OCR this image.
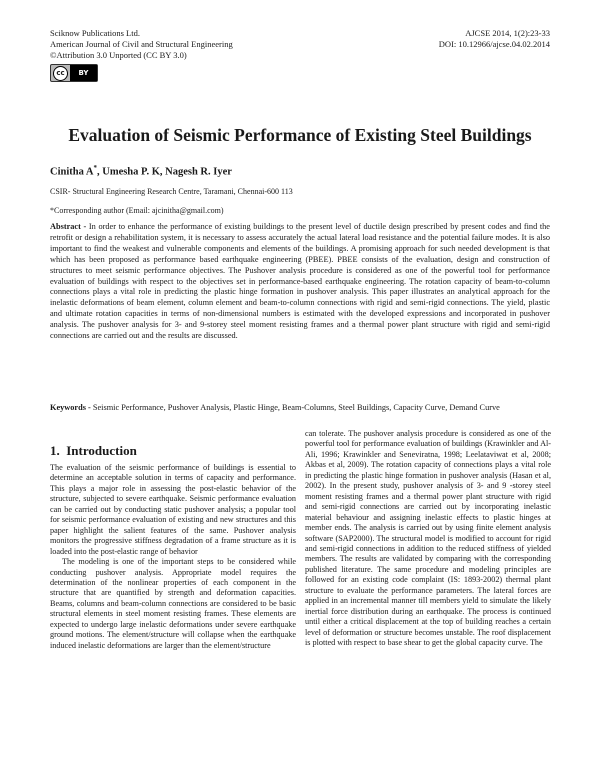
Sciknow Publications Ltd.
American Journal of Civil and Structural Engineering
©Attribution 3.0 Unported (CC BY 3.0)
AJCSE 2014, 1(2):23-33
DOI: 10.12966/ajcse.04.02.2014
cc	BY
Evaluation of Seismic Performance of Existing Steel Buildings
Cinitha A*, Umesha P. K, Nagesh R. Iyer
CSIR- Structural Engineering Research Centre, Taramani, Chennai-600 113
*Corresponding author (Email: ajcinitha@gmail.com)
Abstract - In order to enhance the performance of existing buildings to the present level of ductile design prescribed by present codes and find the retrofit or design a rehabilitation system, it is necessary to assess accurately the actual lateral load resistance and the potential failure modes. It is also important to find the weakest and vulnerable components and elements of the buildings. A promising approach for such needed development is that which has been proposed as performance based earthquake engineering (PBEE). PBEE consists of the evaluation, design and construction of structures to meet seismic performance objectives. The Pushover analysis procedure is considered as one of the powerful tool for performance evaluation of buildings with respect to the objectives set in performance-based earthquake engineering. The rotation capacity of beam-to-column connections plays a vital role in predicting the plastic hinge formation in pushover analysis. This paper illustrates an analytical approach for the inelastic deformations of beam element, column element and beam-to-column connections with rigid and semi-rigid connections. The yield, plastic and ultimate rotation capacities in terms of non-dimensional numbers is estimated with the developed expressions and incorporated in pushover analysis. The pushover analysis for 3- and 9-storey steel moment resisting frames and a thermal power plant structure with rigid and semi-rigid connections are carried out and the results are discussed.
Keywords - Seismic Performance, Pushover Analysis, Plastic Hinge, Beam-Columns, Steel Buildings, Capacity Curve, Demand Curve
1. Introduction

The evaluation of the seismic performance of buildings is essential to determine an acceptable solution in terms of capacity and performance. This plays a major role in assessing the post-elastic behavior of the structure, subjected to severe earthquake. Seismic performance evaluation can be carried out by conducting static pushover analysis; a popular tool for seismic performance evaluation of existing and new structures and this paper highlight the salient features of the same. Pushover analysis monitors the progressive stiffness degradation of a frame structure as it is loaded into the post-elastic range of behavior

The modeling is one of the important steps to be considered while conducting pushover analysis. Appropriate model requires the determination of the nonlinear properties of each component in the structure that are quantified by strength and deformation capacities. Beams, columns and beam-column connections are considered to be basic structural elements in steel moment resisting frames. These elements are expected to undergo large inelastic deformations under severe earthquake ground motions. The element/structure will collapse when the earthquake induced inelastic deformations are larger than the element/structure

can tolerate. The pushover analysis procedure is considered as one of the powerful tool for performance evaluation of buildings (Krawinkler and Al-Ali, 1996; Krawinkler and Seneviratna, 1998; Leelataviwat et al, 2008; Akbas et al, 2009). The rotation capacity of connections plays a vital role in predicting the plastic hinge formation in pushover analysis (Hasan et al, 2002). In the present study, pushover analysis of 3- and 9 -storey steel moment resisting frames and a thermal power plant structure with rigid and semi-rigid connections are carried out by incorporating inelastic material behaviour and assigning inelastic effects to plastic hinges at member ends. The analysis is carried out by using finite element analysis software (SAP2000). The structural model is modified to account for rigid and semi-rigid connections in addition to the reduced stiffness of yielded members. The results are validated by comparing with the corresponding published literature. The same procedure and modeling principles are followed for an existing code complaint (IS: 1893-2002) thermal plant structure to evaluate the performance parameters. The lateral forces are applied in an incremental manner till members yield to simulate the likely inertial force distribution during an earthquake. The process is continued until either a critical displacement at the top of building reaches a certain level of deformation or structure becomes unstable. The roof displacement is plotted with respect to base shear to get the global capacity curve. The
